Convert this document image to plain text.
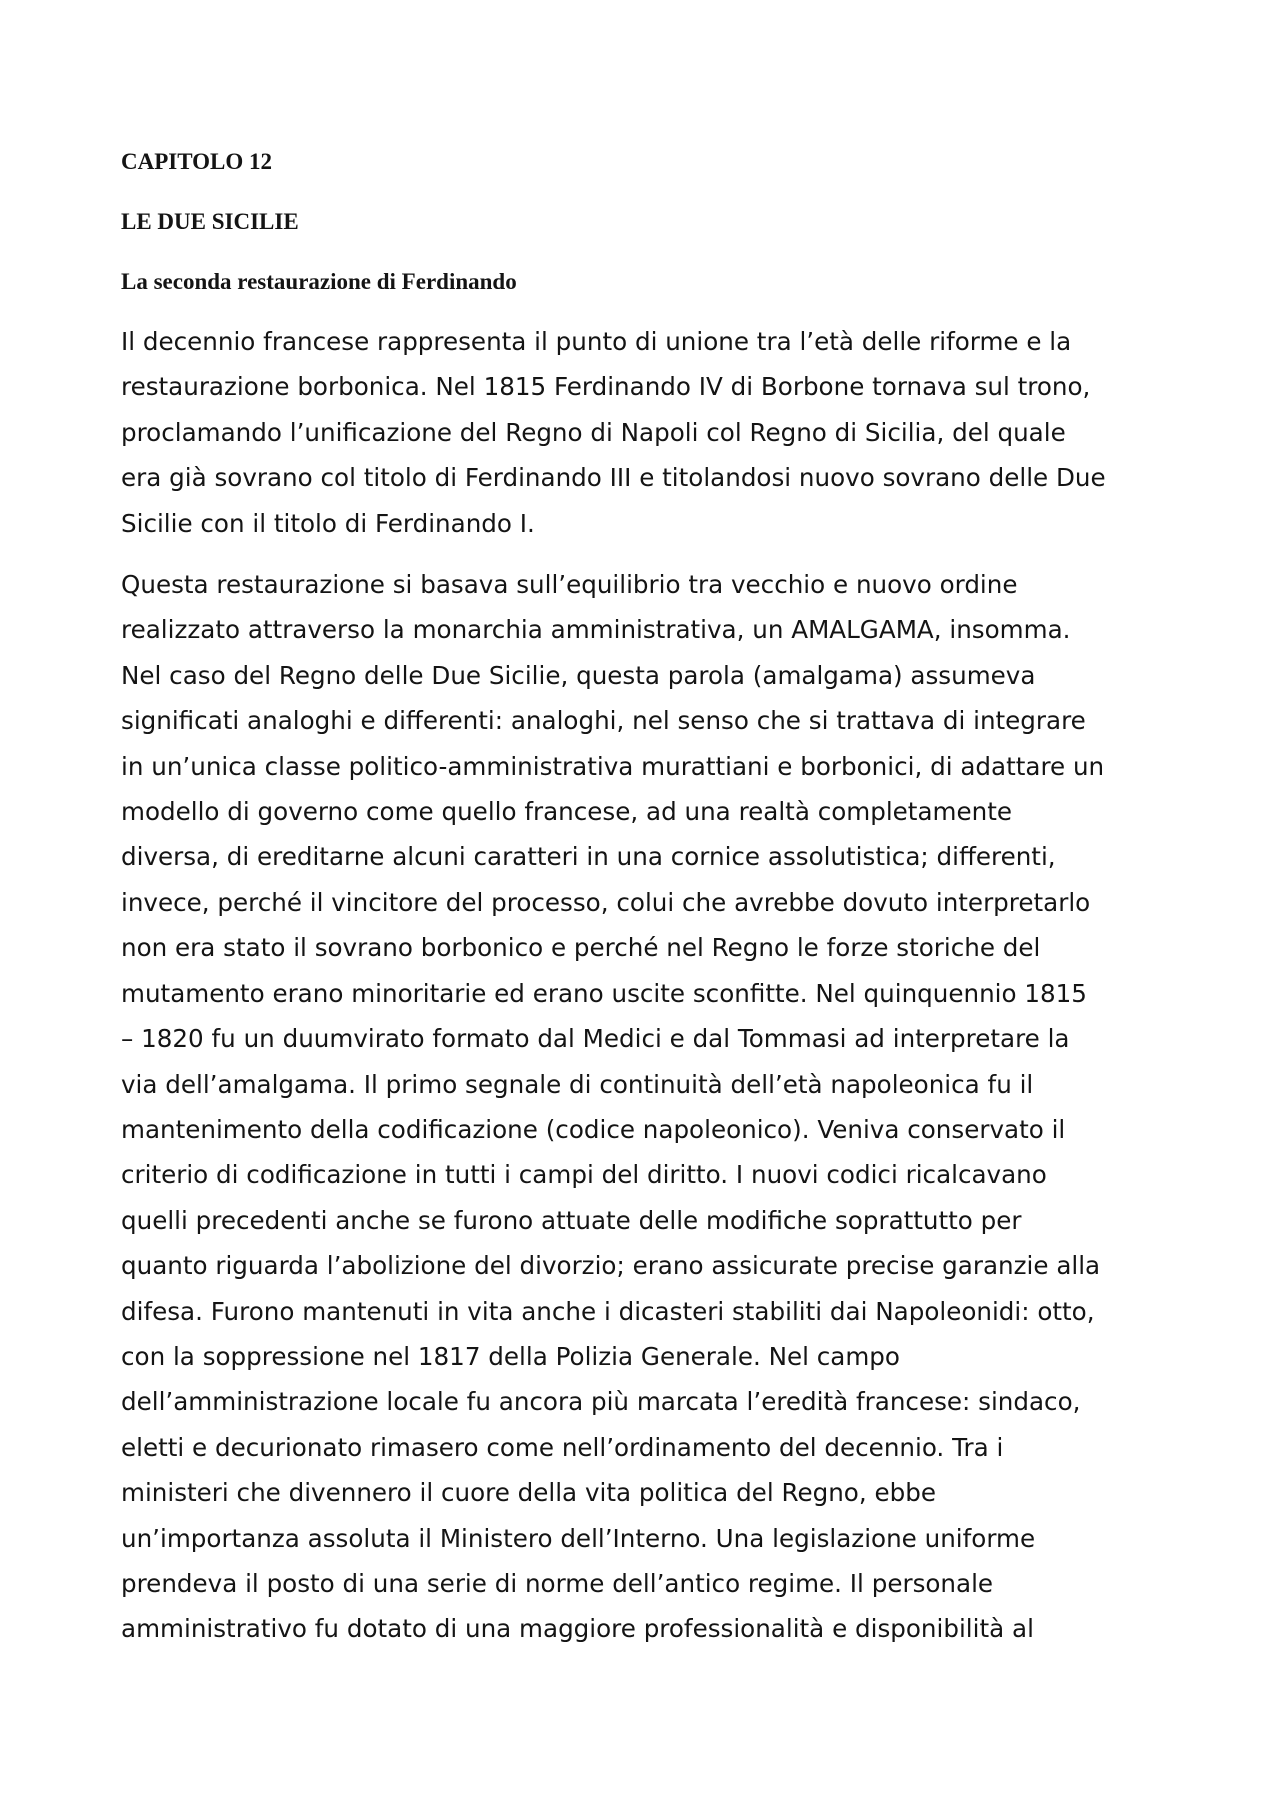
CAPITOLO 12
LE DUE SICILIE
La seconda restaurazione di Ferdinando

Il decennio francese rappresenta il punto di unione tra l’età delle riforme e la
restaurazione borbonica. Nel 1815 Ferdinando IV di Borbone tornava sul trono,
proclamando l’unificazione del Regno di Napoli col Regno di Sicilia, del quale
era già sovrano col titolo di Ferdinando III e titolandosi nuovo sovrano delle Due
Sicilie con il titolo di Ferdinando I.

Questa restaurazione si basava sull’equilibrio tra vecchio e nuovo ordine
realizzato attraverso la monarchia amministrativa, un AMALGAMA, insomma.
Nel caso del Regno delle Due Sicilie, questa parola (amalgama) assumeva
significati analoghi e differenti: analoghi, nel senso che si trattava di integrare
in un’unica classe politico-amministrativa murattiani e borbonici, di adattare un
modello di governo come quello francese, ad una realtà completamente
diversa, di ereditarne alcuni caratteri in una cornice assolutistica; differenti,
invece, perché il vincitore del processo, colui che avrebbe dovuto interpretarlo
non era stato il sovrano borbonico e perché nel Regno le forze storiche del
mutamento erano minoritarie ed erano uscite sconfitte. Nel quinquennio 1815
– 1820 fu un duumvirato formato dal Medici e dal Tommasi ad interpretare la
via dell’amalgama. Il primo segnale di continuità dell’età napoleonica fu il
mantenimento della codificazione (codice napoleonico). Veniva conservato il
criterio di codificazione in tutti i campi del diritto. I nuovi codici ricalcavano
quelli precedenti anche se furono attuate delle modifiche soprattutto per
quanto riguarda l’abolizione del divorzio; erano assicurate precise garanzie alla
difesa. Furono mantenuti in vita anche i dicasteri stabiliti dai Napoleonidi: otto,
con la soppressione nel 1817 della Polizia Generale. Nel campo
dell’amministrazione locale fu ancora più marcata l’eredità francese: sindaco,
eletti e decurionato rimasero come nell’ordinamento del decennio. Tra i
ministeri che divennero il cuore della vita politica del Regno, ebbe
un’importanza assoluta il Ministero dell’Interno. Una legislazione uniforme
prendeva il posto di una serie di norme dell’antico regime. Il personale
amministrativo fu dotato di una maggiore professionalità e disponibilità al
